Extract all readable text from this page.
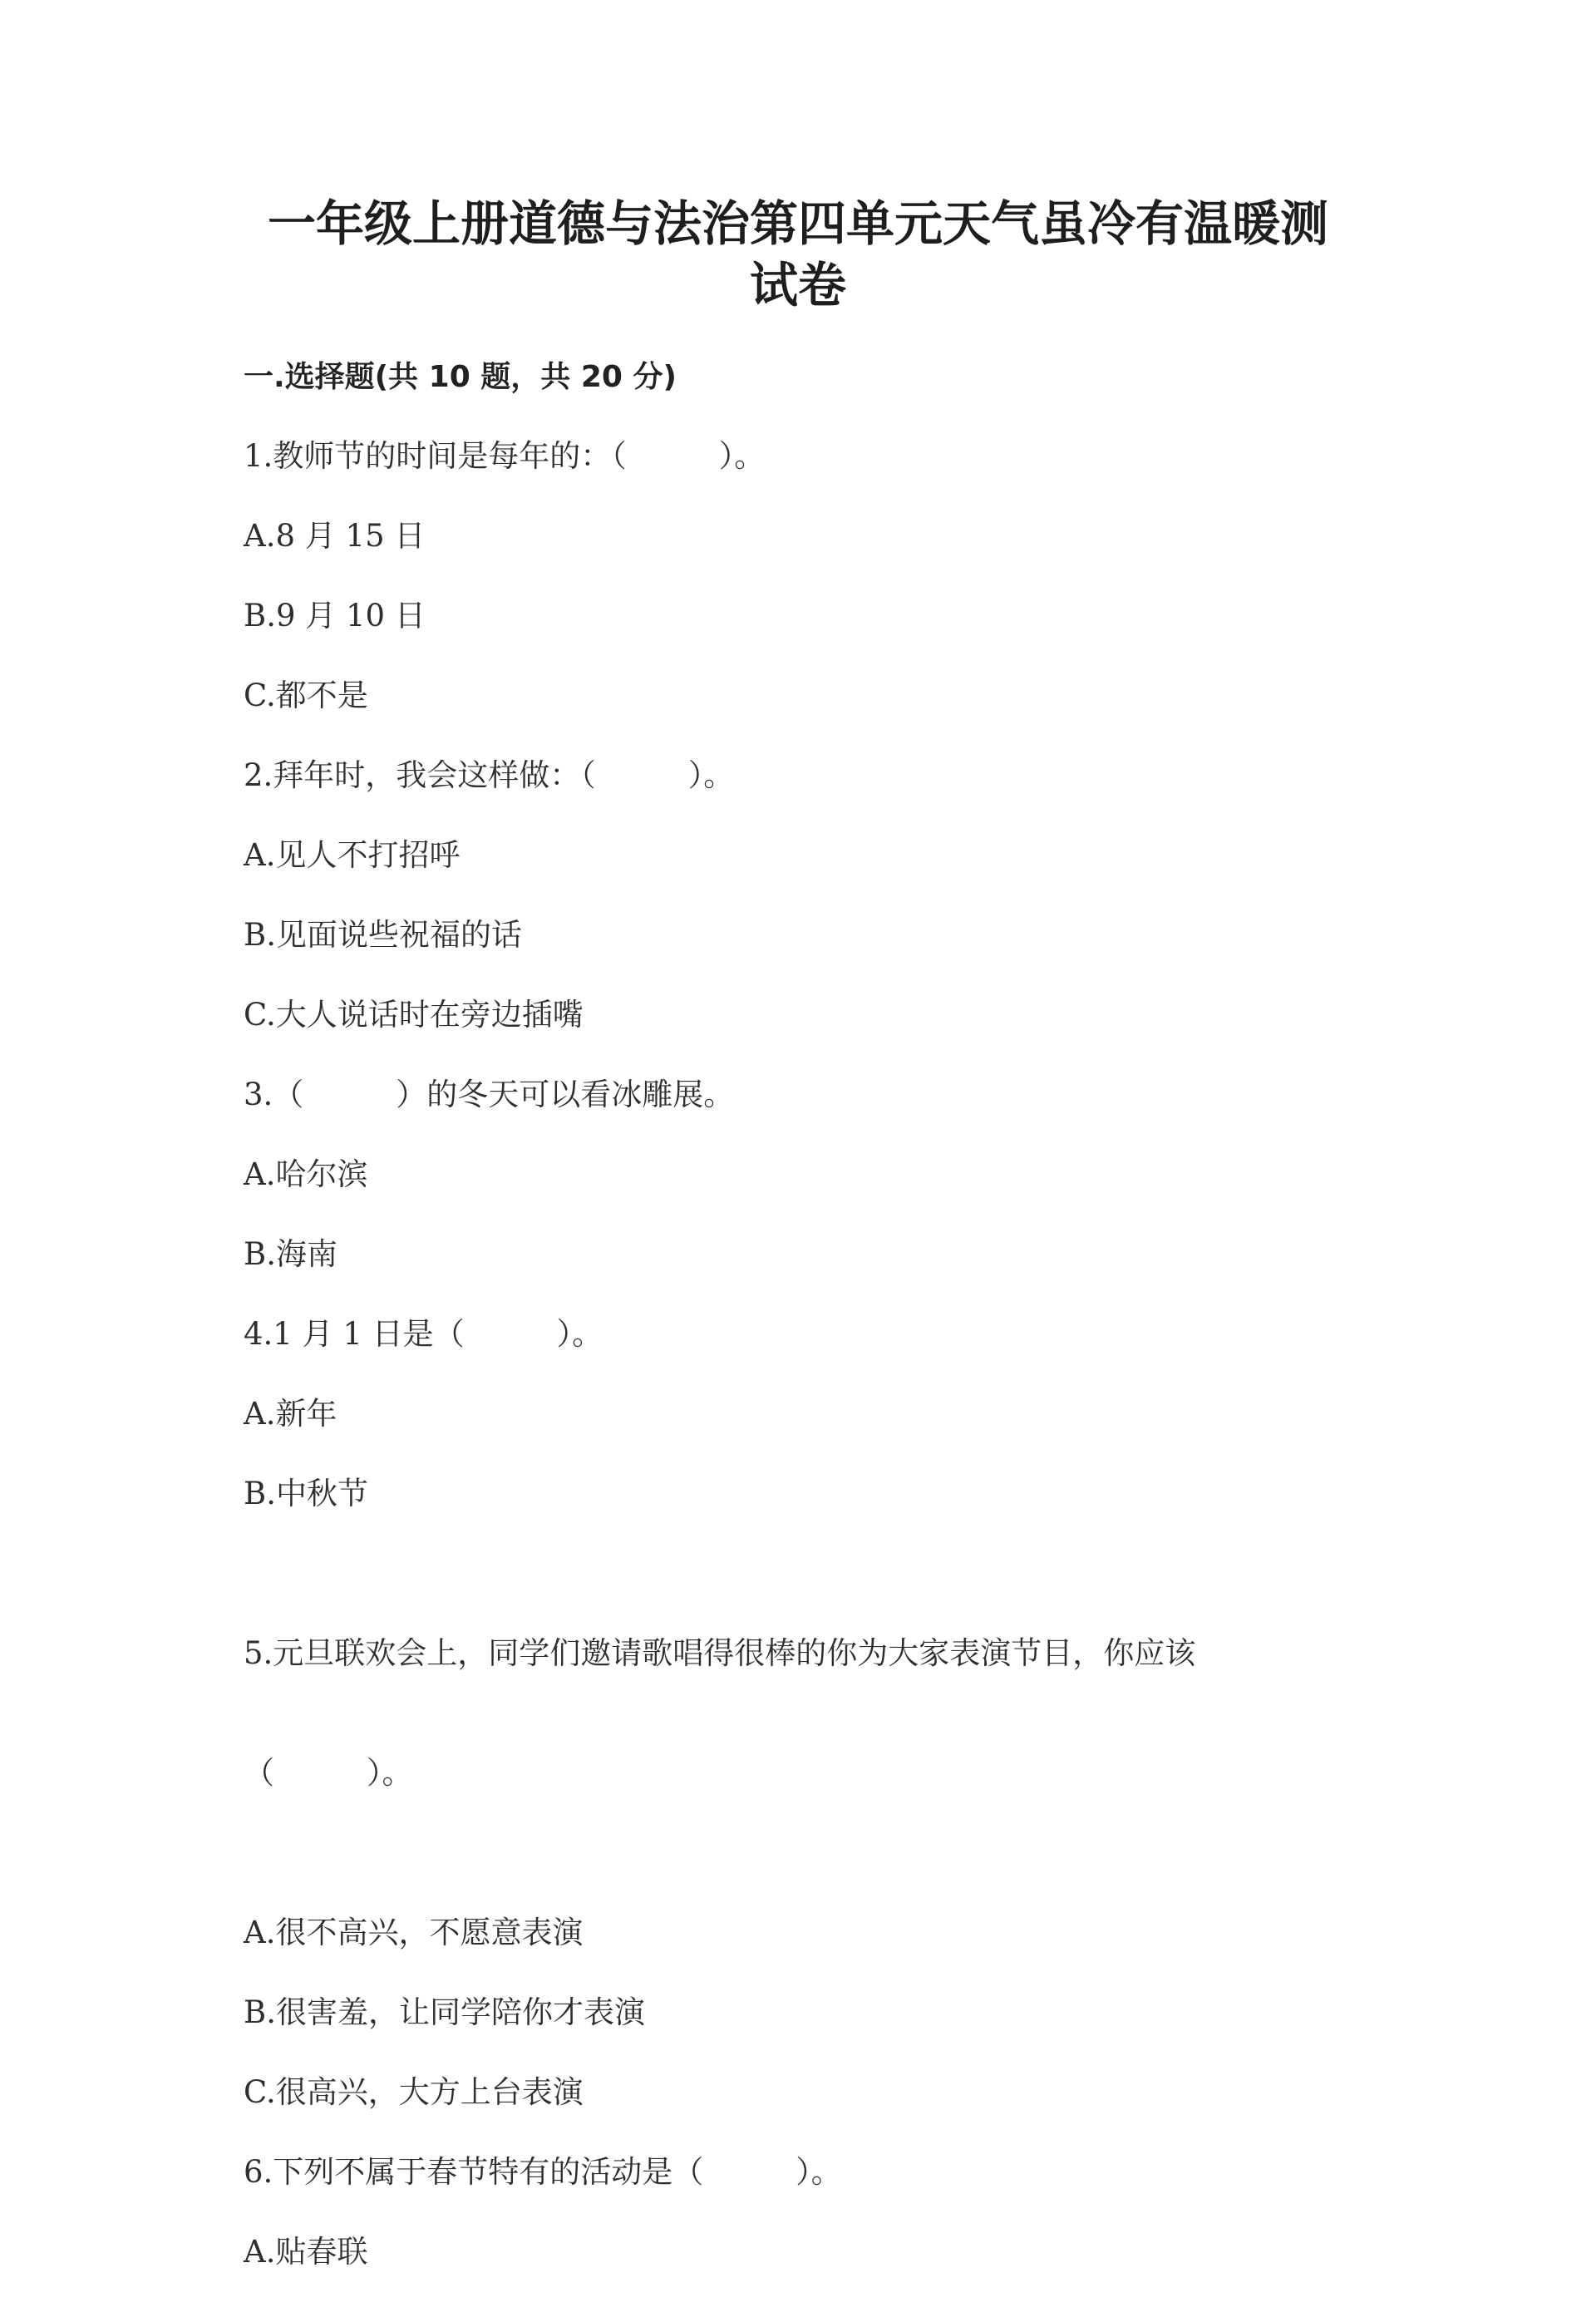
一年级上册道德与法治第四单元天气虽冷有温暖测
试卷
一.选择题(共 10 题，共 20 分)
1.教师节的时间是每年的：（　　　）。
A.8 月 15 日
B.9 月 10 日
C.都不是
2.拜年时，我会这样做：（　　　）。
A.见人不打招呼
B.见面说些祝福的话
C.大人说话时在旁边插嘴
3.（　　　）的冬天可以看冰雕展。
A.哈尔滨
B.海南
4.1 月 1 日是（　　　）。
A.新年
B.中秋节

5.元旦联欢会上，同学们邀请歌唱得很棒的你为大家表演节目，你应该

（　　　）。

A.很不高兴，不愿意表演
B.很害羞，让同学陪你才表演
C.很高兴，大方上台表演
6.下列不属于春节特有的活动是（　　　）。
A.贴春联
